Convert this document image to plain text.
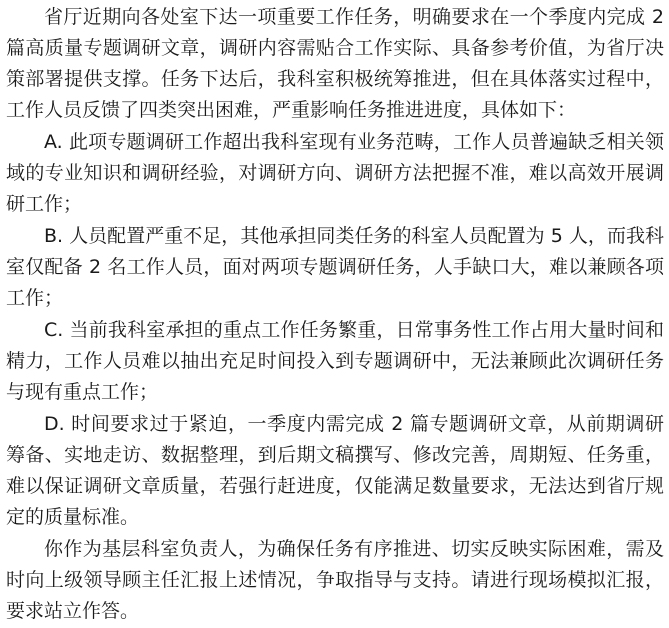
省厅近期向各处室下达一项重要工作任务，明确要求在一个季度内完成 2 篇高质量专题调研文章，调研内容需贴合工作实际、具备参考价值，为省厅决策部署提供支撑。任务下达后，我科室积极统筹推进，但在具体落实过程中，工作人员反馈了四类突出困难，严重影响任务推进进度，具体如下：

A. 此项专题调研工作超出我科室现有业务范畴，工作人员普遍缺乏相关领域的专业知识和调研经验，对调研方向、调研方法把握不准，难以高效开展调研工作；

B. 人员配置严重不足，其他承担同类任务的科室人员配置为 5 人，而我科室仅配备 2 名工作人员，面对两项专题调研任务，人手缺口大，难以兼顾各项工作；

C. 当前我科室承担的重点工作任务繁重，日常事务性工作占用大量时间和精力，工作人员难以抽出充足时间投入到专题调研中，无法兼顾此次调研任务与现有重点工作；

D. 时间要求过于紧迫，一季度内需完成 2 篇专题调研文章，从前期调研筹备、实地走访、数据整理，到后期文稿撰写、修改完善，周期短、任务重，难以保证调研文章质量，若强行赶进度，仅能满足数量要求，无法达到省厅规定的质量标准。

你作为基层科室负责人，为确保任务有序推进、切实反映实际困难，需及时向上级领导顾主任汇报上述情况，争取指导与支持。请进行现场模拟汇报，要求站立作答。
